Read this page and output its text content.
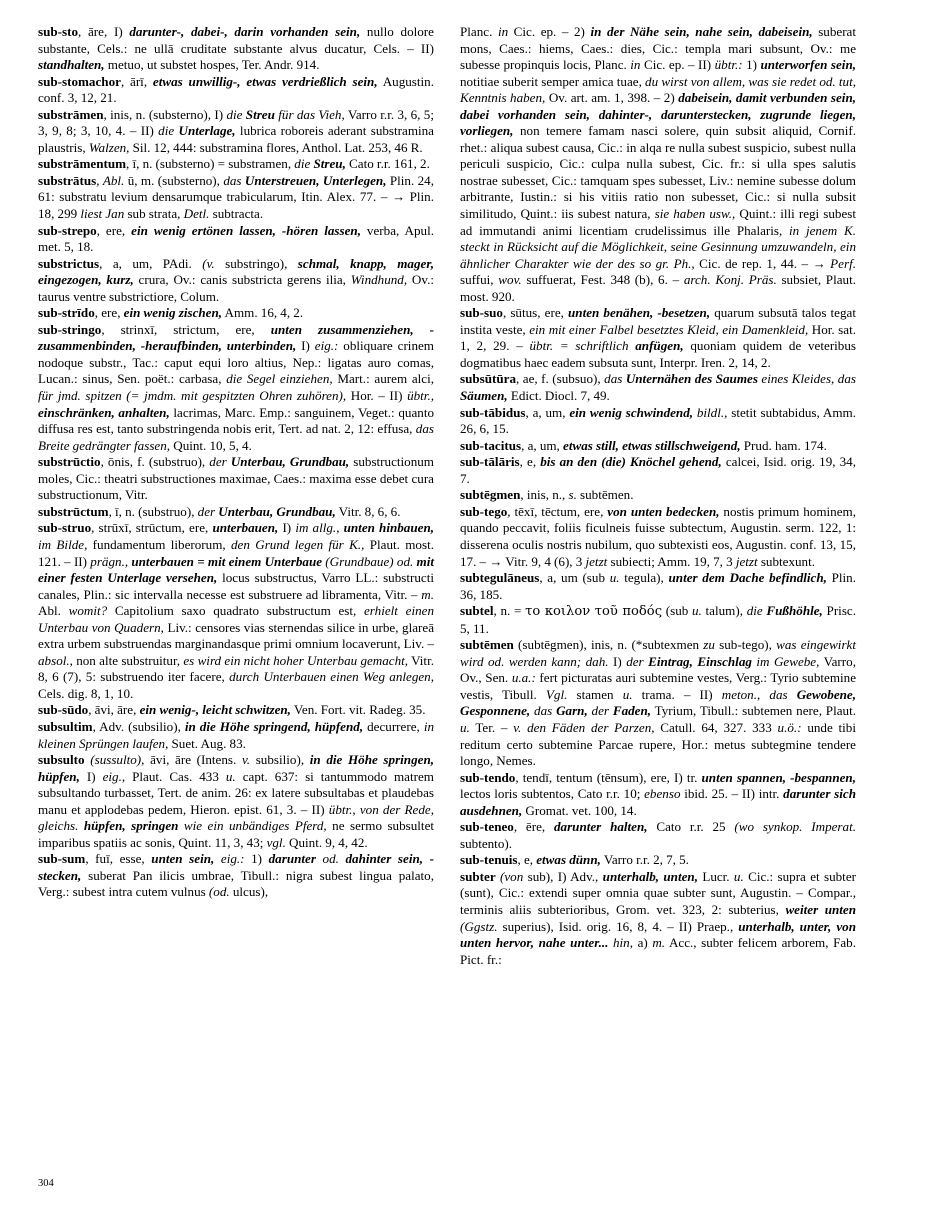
sub-sto, āre, I) darunter-, dabei-, darin vorhanden sein, nullo dolore substante, Cels.: ne ullā cruditate substante alvus ducatur, Cels. – II) standhalten, metuo, ut substet hospes, Ter. Andr. 914.

sub-stomachor, ārī, etwas unwillig-, etwas verdrießlich sein, Augustin. conf. 3, 12, 21.

substrāmen, inis, n. (substerno), I) die Streu für das Vieh, Varro r.r. 3, 6, 5; 3, 9, 8; 3, 10, 4. – II) die Unterlage, lubrica roboreis aderant substramina plaustris, Walzen, Sil. 12, 444: substramina flores, Anthol. Lat. 253, 46 R.

substrāmentum, ī, n. (substerno) = substramen, die Streu, Cato r.r. 161, 2.

substrātus, Abl. ū, m. (substerno), das Unterstreuen, Unterlegen, Plin. 24, 61: substratu levium densarumque trabicularum, Itin. Alex. 77. – → Plin. 18, 299 liest Jan sub strata, Detl. subtracta.

sub-strepo, ere, ein wenig ertönen lassen, -hören lassen, verba, Apul. met. 5, 18.

substrictus, a, um, PAdi. (v. substringo), schmal, knapp, mager, eingezogen, kurz, crura, Ov.: canis substricta gerens ilia, Windhund, Ov.: taurus ventre substrictiore, Colum.

sub-strīdo, ere, ein wenig zischen, Amm. 16, 4, 2.

sub-stringo, strinxī, strictum, ere, unten zusammenziehen, -zusammenbinden, -heraufbinden, unterbinden, I) eig.: obliquare crinem nodoque substr., Tac.: caput equi loro altius, Nep.: ligatas auro comas, Lucan.: sinus, Sen. poët.: carbasa, die Segel einziehen, Mart.: aurem alci, für jmd. spitzen (= jmdm. mit gespitzten Ohren zuhören), Hor. – II) übtr., einschränken, anhalten, lacrimas, Marc. Emp.: sanguinem, Veget.: quanto diffusa res est, tanto substringenda nobis erit, Tert. ad nat. 2, 12: effusa, das Breite gedrängter fassen, Quint. 10, 5, 4.

substrūctio, ōnis, f. (substruo), der Unterbau, Grundbau, substructionum moles, Cic.: theatri substructiones maximae, Caes.: maxima esse debet cura substructionum, Vitr.

substrūctum, ī, n. (substruo), der Unterbau, Grundbau, Vitr. 8, 6, 6.

sub-struo, strūxī, strūctum, ere, unterbauen, I) im allg., unten hinbauen, im Bilde, fundamentum liberorum, den Grund legen für K., Plaut. most. 121. – II) prägn., unterbauen = mit einem Unterbaue (Grundbaue) od. mit einer festen Unterlage versehen, locus substructus, Varro LL.: substructi canales, Plin.: sic intervalla necesse est substruere ad libramenta, Vitr. – m. Abl. womit? Capitolium saxo quadrato substructum est, erhielt einen Unterbau von Quadern, Liv.: censores vias sternendas silice in urbe, glareā extra urbem substruendas marginandasque primi omnium locaverunt, Liv. – absol., non alte substruitur, es wird ein nicht hoher Unterbau gemacht, Vitr. 8, 6 (7), 5: substruendo iter facere, durch Unterbauen einen Weg anlegen, Cels. dig. 8, 1, 10.

sub-sūdo, āvi, āre, ein wenig-, leicht schwitzen, Ven. Fort. vit. Radeg. 35.

subsultim, Adv. (subsilio), in die Höhe springend, hüpfend, decurrere, in kleinen Sprüngen laufen, Suet. Aug. 83.

subsulto (sussulto), āvi, āre (Intens. v. subsilio), in die Höhe springen, hüpfen, I) eig., Plaut. Cas. 433 u. capt. 637: si tantummodo matrem subsultando turbasset, Tert. de anim. 26: ex latere subsultabas et plaudebas manu et applodebas pedem, Hieron. epist. 61, 3. – II) übtr., von der Rede, gleichs. hüpfen, springen wie ein unbändiges Pferd, ne sermo subsultet imparibus spatiis ac sonis, Quint. 11, 3, 43; vgl. Quint. 9, 4, 42.

sub-sum, fuī, esse, unten sein, eig.: 1) darunter od. dahinter sein, -stecken, suberat Pan ilicis umbrae, Tibull.: nigra subest lingua palato, Verg.: subest intra cutem vulnus (od. ulcus),

Planc. in Cic. ep. – 2) in der Nähe sein, nahe sein, dabeisein, suberat mons, Caes.: hiems, Caes.: dies, Cic.: templa mari subsunt, Ov.: me subesse propinquis locis, Planc. in Cic. ep. – II) übtr.: 1) unterworfen sein, notitiae suberit semper amica tuae, du wirst von allem, was sie redet od. tut, Kenntnis haben, Ov. art. am. 1, 398. – 2) dabeisein, damit verbunden sein, dabei vorhanden sein, dahinter-, darunterstecken, zugrunde liegen, vorliegen, non temere famam nasci solere, quin subsit aliquid, Cornif. rhet.: aliqua subest causa, Cic.: in alqa re nulla subest suspicio, subest nulla periculi suspicio, Cic.: culpa nulla subest, Cic. fr.: si ulla spes salutis nostrae subesset, Cic.: tamquam spes subesset, Liv.: nemine subesse dolum arbitrante, Iustin.: si his vitiis ratio non subesset, Cic.: si nulla subsit similitudo, Quint.: iis subest natura, sie haben usw., Quint.: illi regi subest ad immutandi animi licentiam crudelissimus ille Phalaris, in jenem K. steckt in Rücksicht auf die Möglichkeit, seine Gesinnung umzuwandeln, ein ähnlicher Charakter wie der des so gr. Ph., Cic. de rep. 1, 44. – → Perf. suffui, wov. suffuerat, Fest. 348 (b), 6. – arch. Konj. Präs. subsiet, Plaut. most. 920.

sub-suo, sūtus, ere, unten benähen, -besetzen, quarum subsutā talos tegat instita veste, ein mit einer Falbel besetztes Kleid, ein Damenkleid, Hor. sat. 1, 2, 29. – übtr. = schriftlich anfügen, quoniam quidem de veteribus dogmatibus haec eadem subsuta sunt, Interpr. Iren. 2, 14, 2.

subsūtūra, ae, f. (subsuo), das Unternähen des Saumes eines Kleides, das Säumen, Edict. Diocl. 7, 49.

sub-tābidus, a, um, ein wenig schwindend, bildl., stetit subtabidus, Amm. 26, 6, 15.

sub-tacitus, a, um, etwas still, etwas stillschweigend, Prud. ham. 174.

sub-tālāris, e, bis an den (die) Knöchel gehend, calcei, Isid. orig. 19, 34, 7.

subtēgmen, inis, n., s. subtēmen.

sub-tego, tēxī, tēctum, ere, von unten bedecken, nostis primum hominem, quando peccavit, foliis ficulneis fuisse subtectum, Augustin. serm. 122, 1: disserena oculis nostris nubilum, quo subtexisti eos, Augustin. conf. 13, 15, 17. – → Vitr. 9, 4 (6), 3 jetzt subiecti; Amm. 19, 7, 3 jetzt subtexunt.

subtegulāneus, a, um (sub u. tegula), unter dem Dache befindlich, Plin. 36, 185.

subtel, n. = το κοιλον τοῦ ποδός (sub u. talum), die Fußhöhle, Prisc. 5, 11.

subtēmen (subtēgmen), inis, n. (*subtexmen zu sub-tego), was eingewirkt wird od. werden kann; dah. I) der Eintrag, Einschlag im Gewebe, Varro, Ov., Sen. u.a.: fert picturatas auri subtemine vestes, Verg.: Tyrio subtemine vestis, Tibull. Vgl. stamen u. trama. – II) meton., das Gewobene, Gesponnene, das Garn, der Faden, Tyrium, Tibull.: subtemen nere, Plaut. u. Ter. – v. den Fäden der Parzen, Catull. 64, 327. 333 u.ö.: unde tibi reditum certo subtemine Parcae rupere, Hor.: metus subtegmine tendere longo, Nemes.

sub-tendo, tendī, tentum (tēnsum), ere, I) tr. unten spannen, -bespannen, lectos loris subtentos, Cato r.r. 10; ebenso ibid. 25. – II) intr. darunter sich ausdehnen, Gromat. vet. 100, 14.

sub-teneo, ēre, darunter halten, Cato r.r. 25 (wo synkop. Imperat. subtento).

sub-tenuis, e, etwas dünn, Varro r.r. 2, 7, 5.

subter (von sub), I) Adv., unterhalb, unten, Lucr. u. Cic.: supra et subter (sunt), Cic.: extendi super omnia quae subter sunt, Augustin. – Compar., terminis aliis subterioribus, Grom. vet. 323, 2: subterius, weiter unten (Ggstz. superius), Isid. orig. 16, 8, 4. – II) Praep., unterhalb, unter, von unten hervor, nahe unter... hin, a) m. Acc., subter felicem arborem, Fab. Pict. fr.:

304
